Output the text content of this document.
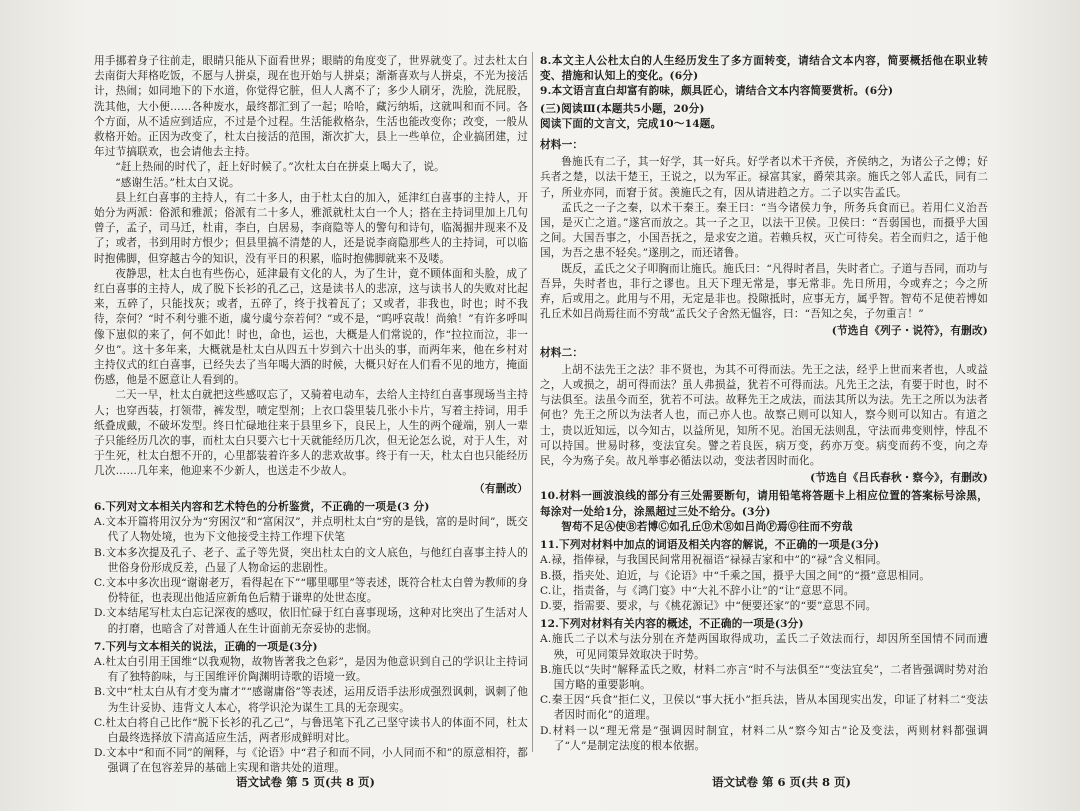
用手挪着身子往前走，眼睛只能从下面看世界；眼睛的角度变了，世界就变了。过去杜太白去南街大拜格吃饭，不愿与人拼桌，现在也开始与人拼桌；渐渐喜欢与人拼桌，不光为接活计，热闹；如同地下的下水道，你觉得它脏，但人人离不了；多少人刷牙，洗脸，洗屁股，洗其他，大小便……各种废水，最终都汇到了一起；哈哈，藏污纳垢，这就叫和而不同。各个方面，从不适应到适应，不过是个过程。生活能救格杂，生活也能改变你；改变，一般从救格开始。正因为改变了，杜太白接活的范围，渐次扩大，县上一些单位，企业搞团建，过年过节搞联欢，也会请他去主持。

“赶上热闹的时代了，赶上好时候了。”次杜太白在拼桌上喝大了，说。

“感谢生活。”杜太白又说。

县上红白喜事的主持人，有二十多人，由于杜太白的加入，延津红白喜事的主持人，开始分为两派：俗派和雅派；俗派有二十多人，雅派就杜太白一个人；搭在主持词里加上几句曾子，孟子，司马迁，杜甫，李白，白居易，李商隐等人的警句和诗句，临渴掘井现来不及了；或者，书到用时方恨少；但县里搞不清楚的人，还是说李商隐那些人的主持词，可以临时抱佛脚，但穿越古今的知识，没有平日的积累，临时抱佛脚就来不及喽。

夜静思，杜太白也有些伤心，延津最有文化的人，为了生计，竟不顾体面和头脸，成了红白喜事的主持人，成了脱下长衫的孔乙己，这是读书人的悲凉，这与读书人的失败对比起来，五碎了，只能找灰；或者，五碎了，终于找着瓦了；又或者，非我也，时也；时不我待，奈何？“时不利兮骓不逝，虞兮虞兮奈若何？”或不是，“呜呼哀哉！尚飨！”有许多呼叫像下崽似的来了，何不如此！时也，命也，运也，大概是人们常说的，作“拉拉而泣，非一夕也”。这十多年来，大概就是杜太白从四五十岁到六十出头的事，而两年来，他在乡村对主持仪式的红白喜事，已经失去了当年喝大酒的时候，大概只好在人们看不见的地方，掩面伤感，他是不愿意让人看到的。

二天一早，杜太白就把这些感叹忘了，又骑着电动车，去给人主持红白喜事现场当主持人；也穿西装，打领带，裤发型，喷定型剂；上衣口袋里装几张小卡片，写着主持词，用手纸叠成戴，不破坏发型。终日忙碌地往来于县里乡下，良民上，人生的两个碰端，别人一辈子只能经历几次的事，而杜太白只要六七十天就能经历几次，但无论怎么说，对于人生，对于生死，杜太白想不开的，心里都装着许多人的悲欢故事。终于有一天，杜太白也只能经历几次……几年来，他迎来不少新人，也送走不少故人。

（有删改）

6.下列对文本相关内容和艺术特色的分析鉴赏，不正确的一项是(3 分)

A.文本开篇将用汉分为“穷困汉”和“富闲汉”，并点明杜太白“穷的是钱，富的是时间”，既交代了人物处境，也为下文他接受主持工作埋下伏笔

B.文本多次提及孔子、老子、孟子等先贤，突出杜太白的文人底色，与他红白喜事主持人的世俗身份形成反差，凸显了人物命运的悲剧性。

C.文本中多次出现“谢谢老万，看得起在下”“哪里哪里”等表述，既符合杜太白曾为教师的身份特征，也表现出他适应新角色后精于谦卑的处世态度。

D.文本结尾写杜太白忘记深夜的感叹，依旧忙碌于红白喜事现场，这种对比突出了生活对人的打磨，也暗含了对普通人在生计面前无奈妥协的悲悯。

7.下列与文本相关的说法，正确的一项是(3分)

A.杜太白引用王国维“以我观物，故物皆著我之色彩”，是因为他意识到自己的学识让主持词有了独特韵味，与王国维评价陶渊明诗歌的语境一致。

B.文中“杜太白从有才变为庸才”“感谢庸俗”等表述，运用反语手法形成强烈讽刺，讽刺了他为生计妥协、违背文人本心，将学识沦为谋生工具的无奈现实。

C.杜太白将自己比作“脱下长衫的孔乙己”，与鲁迅笔下孔乙己坚守读书人的体面不同，杜太白最终选择放下清高适应生活，两者形成鲜明对比。

D.文本中“和而不同”的阐释，与《论语》中“君子和而不同，小人同而不和”的原意相符，都强调了在包容差异的基础上实现和谐共处的道理。

8.本文主人公杜太白的人生经历发生了多方面转变，请结合文本内容，简要概括他在职业转变、措施和认知上的变化。(6分)

9.本文语言直白却富有韵味，颇具匠心，请结合文本内容简要赏析。(6分)

(三)阅读Ⅲ(本题共5小题，20分)

阅读下面的文言文，完成10～14题。

材料一：

鲁施氏有二子，其一好学，其一好兵。好学者以术干齐侯，齐侯纳之，为诸公子之傅；好兵者之楚，以法干楚王，王说之，以为军正。禄富其家，爵荣其亲。施氏之邻人孟氏，同有二子，所业亦同，而窘于贫。羡施氏之有，因从请进趋之方。二子以实告孟氏。

孟氏之一子之秦，以术干秦王。秦王曰：“当今诸侯力争，所务兵食而已。若用仁义治吾国，是灭亡之道。”遂宫而放之。其一子之卫，以法干卫侯。卫侯曰：“吾弱国也，而摄乎大国之间。大国吾事之，小国吾抚之，是求安之道。若赖兵权，灭亡可待矣。若全而归之，适于他国，为吾之患不轻矣。”遂刖之，而还诸鲁。

既反，孟氏之父子叩胸而让施氏。施氏曰：“凡得时者昌，失时者亡。子道与吾同，而功与吾异，失时者也，非行之谬也。且天下理无常是，事无常非。先日所用，今或弃之；今之所弃，后或用之。此用与不用，无定是非也。投隙抵时，应事无方，属乎智。智苟不足使若博如孔丘术如吕尚焉往而不穷哉”孟氏父子舍然无愠容，曰：“吾知之矣，子勿重言！”

(节选自《列子・说符》，有删改)

材料二：

上胡不法先王之法？非不贤也，为其不可得而法。先王之法，经乎上世而来者也，人或益之，人或损之，胡可得而法？虽人弗损益，犹若不可得而法。凡先王之法，有要于时也，时不与法俱至。法虽今而至，犹若不可法。故释先王之成法，而法其所以为法。先王之所以为法者何也？先王之所以为法者人也，而己亦人也。故察己则可以知人，察今则可以知古。有道之士，贵以近知远，以今知古，以益所见，知所不见。治国无法则乱，守法而弗变则悖，悖乱不可以持国。世易时移，变法宜矣。譬之若良医，病万变，药亦万变。病变而药不变，向之寿民，今为殇子矣。故凡举事必循法以动，变法者因时而化。

(节选自《吕氏春秋・察今》，有删改)

10.材料一画波浪线的部分有三处需要断句，请用铅笔将答题卡上相应位置的答案标号涂黑，每涂对一处给1分，涂黑超过三处不给分。(3分)

智苟不足Ⓐ使Ⓑ若博Ⓒ如孔丘Ⓓ术Ⓔ如吕尚Ⓕ焉Ⓖ往而不穷哉

11.下列对材料中加点的词语及相关内容的解说，不正确的一项是(3分)

A.禄，指俸禄，与我国民间常用祝福语“禄禄吉家和中”的“禄”含义相同。

B.摄，指夹处、迫近，与《论语》中“千乘之国，摄乎大国之间”的“摄”意思相同。

C.让，指责备，与《鸿门宴》中“大礼不辞小让”的“让”意思不同。

D.要，指需要、要求，与《桃花源记》中“便要还家”的“要”意思不同。

12.下列对材料有关内容的概述，不正确的一项是(3分)

A.施氏二子以术与法分别在齐楚两国取得成功，孟氏二子效法而行，却因所至国情不同而遭殃，可见同策异效取决于时势。

B.施氏以“失时”解释孟氏之败，材料二亦言“时不与法俱至”“变法宜矣”，二者皆强调时势对治国方略的重要影响。

C.秦王因“兵食”拒仁义，卫侯以“事大抚小”拒兵法，皆从本国现实出发，印证了材料二“变法者因时而化”的道理。

D.材料一以“理无常是”强调因时制宜，材料二从“察今知古”论及变法，两则材料都强调了“人”是制定法度的根本依据。

语文试卷 第 5 页(共 8 页)	语文试卷 第 6 页(共 8 页)
